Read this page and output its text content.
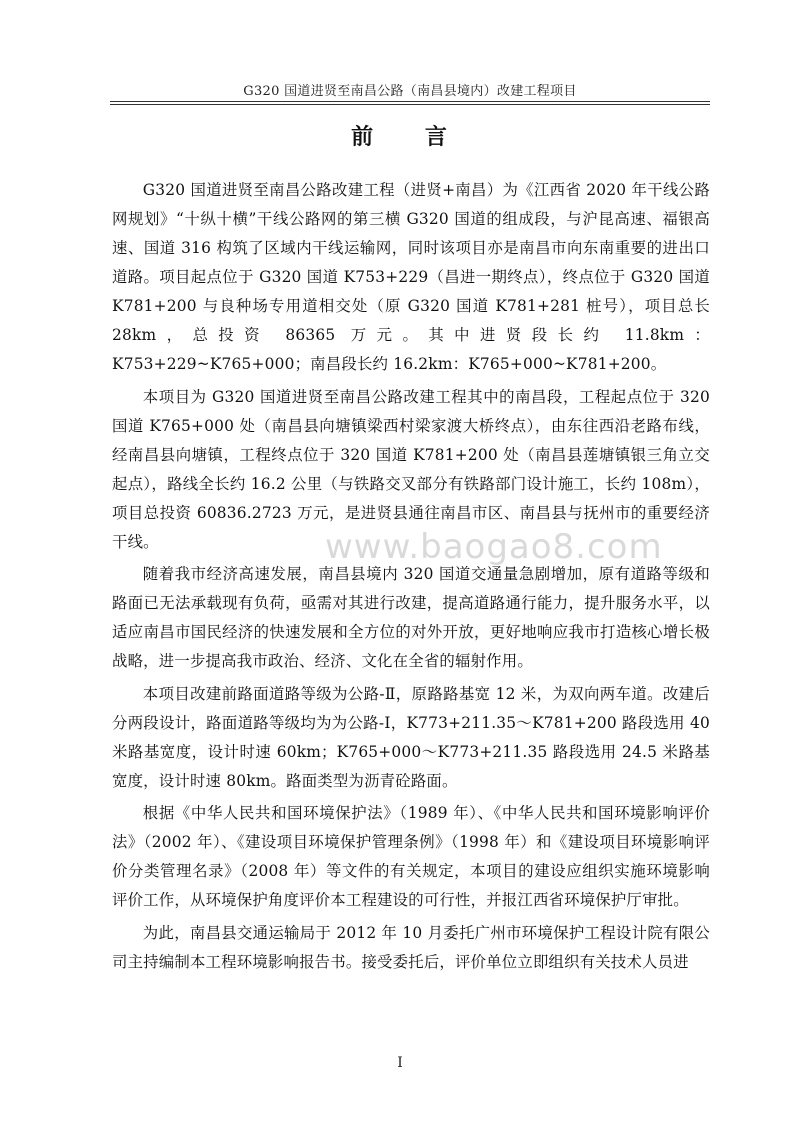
G320 国道进贤至南昌公路（南昌县境内）改建工程项目
前 言

G320 国道进贤至南昌公路改建工程（进贤+南昌）为《江西省 2020 年干线公路网规划》“十纵十横”干线公路网的第三横 G320 国道的组成段，与沪昆高速、福银高速、国道 316 构筑了区域内干线运输网，同时该项目亦是南昌市向东南重要的进出口道路。项目起点位于 G320 国道 K753+229（昌进一期终点），终点位于 G320 国道 K781+200 与良种场专用道相交处（原 G320 国道 K781+281 桩号），项目总长 28km，总投资 86365 万元。其中进贤段长约 11.8km：K753+229~K765+000；南昌段长约 16.2km：K765+000~K781+200。

本项目为 G320 国道进贤至南昌公路改建工程其中的南昌段，工程起点位于 320 国道 K765+000 处（南昌县向塘镇梁西村梁家渡大桥终点），由东往西沿老路布线，经南昌县向塘镇，工程终点位于 320 国道 K781+200 处（南昌县莲塘镇银三角立交起点），路线全长约 16.2 公里（与铁路交叉部分有铁路部门设计施工，长约 108m），项目总投资 60836.2723 万元，是进贤县通往南昌市区、南昌县与抚州市的重要经济干线。

随着我市经济高速发展，南昌县境内 320 国道交通量急剧增加，原有道路等级和路面已无法承载现有负荷，亟需对其进行改建，提高道路通行能力，提升服务水平，以适应南昌市国民经济的快速发展和全方位的对外开放，更好地响应我市打造核心增长极战略，进一步提高我市政治、经济、文化在全省的辐射作用。

本项目改建前路面道路等级为公路-Ⅱ，原路路基宽 12 米，为双向两车道。改建后分两段设计，路面道路等级均为为公路-Ⅰ，K773+211.35～K781+200 路段选用 40 米路基宽度，设计时速 60km；K765+000～K773+211.35 路段选用 24.5 米路基宽度，设计时速 80km。路面类型为沥青砼路面。

根据《中华人民共和国环境保护法》（1989 年）、《中华人民共和国环境影响评价法》（2002 年）、《建设项目环境保护管理条例》（1998 年）和《建设项目环境影响评价分类管理名录》（2008 年）等文件的有关规定，本项目的建设应组织实施环境影响评价工作，从环境保护角度评价本工程建设的可行性，并报江西省环境保护厅审批。

为此，南昌县交通运输局于 2012 年 10 月委托广州市环境保护工程设计院有限公司主持编制本工程环境影响报告书。接受委托后，评价单位立即组织有关技术人员进

www.baogao8.com
I
